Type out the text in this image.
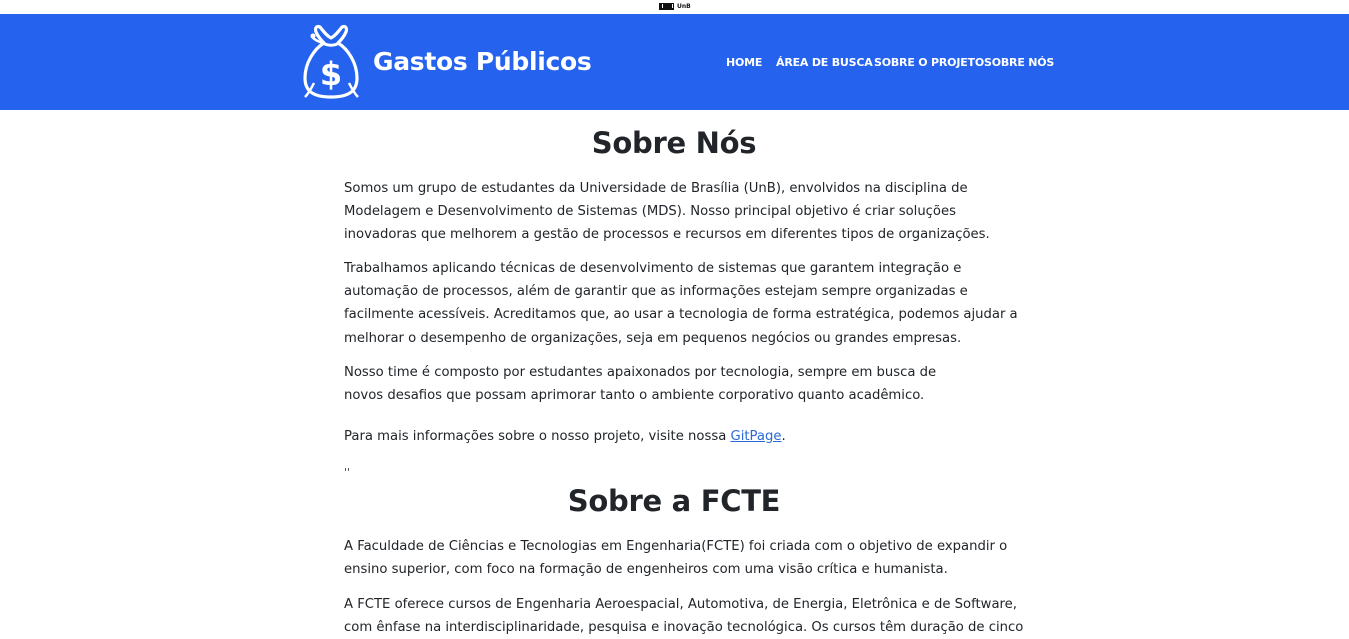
UnB
$ Gastos Públicos	HOME ÁREA DE BUSCA SOBRE O PROJETO SOBRE NÓS
Sobre Nós

Somos um grupo de estudantes da Universidade de Brasília (UnB), envolvidos na disciplina de
Modelagem e Desenvolvimento de Sistemas (MDS). Nosso principal objetivo é criar soluções
inovadoras que melhorem a gestão de processos e recursos em diferentes tipos de organizações.

Trabalhamos aplicando técnicas de desenvolvimento de sistemas que garantem integração e
automação de processos, além de garantir que as informações estejam sempre organizadas e
facilmente acessíveis. Acreditamos que, ao usar a tecnologia de forma estratégica, podemos ajudar a
melhorar o desempenho de organizações, seja em pequenos negócios ou grandes empresas.

Nosso time é composto por estudantes apaixonados por tecnologia, sempre em busca de
novos desafios que possam aprimorar tanto o ambiente corporativo quanto acadêmico.

Para mais informações sobre o nosso projeto, visite nossa GitPage.

''
Sobre a FCTE

A Faculdade de Ciências e Tecnologias em Engenharia(FCTE) foi criada com o objetivo de expandir o
ensino superior, com foco na formação de engenheiros com uma visão crítica e humanista.

A FCTE oferece cursos de Engenharia Aeroespacial, Automotiva, de Energia, Eletrônica e de Software,
com ênfase na interdisciplinaridade, pesquisa e inovação tecnológica. Os cursos têm duração de cinco
